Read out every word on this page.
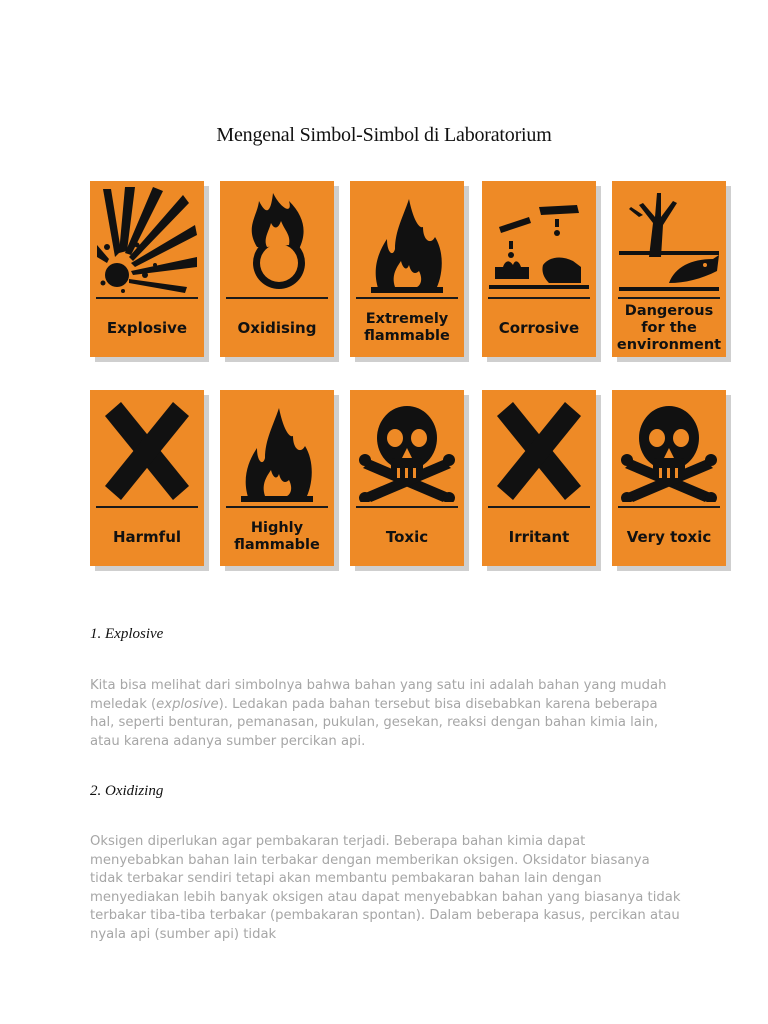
Mengenal Simbol-Simbol di Laboratorium
Explosive	Oxidising	Extremely
flammable	Corrosive
Dangerous
for the
environment
Harmful	Highly
flammable	Toxic	Irritant	Very toxic
1. Explosive
Kita bisa melihat dari simbolnya bahwa bahan yang satu ini adalah bahan yang mudah meledak (explosive). Ledakan pada bahan tersebut bisa disebabkan karena beberapa hal, seperti benturan, pemanasan, pukulan, gesekan, reaksi dengan bahan kimia lain, atau karena adanya sumber percikan api.
2. Oxidizing
Oksigen diperlukan agar pembakaran terjadi. Beberapa bahan kimia dapat menyebabkan bahan lain terbakar dengan memberikan oksigen. Oksidator biasanya tidak terbakar sendiri tetapi akan membantu pembakaran bahan lain dengan menyediakan lebih banyak oksigen atau dapat menyebabkan bahan yang biasanya tidak terbakar tiba-tiba terbakar (pembakaran spontan). Dalam beberapa kasus, percikan atau nyala api (sumber api) tidak
